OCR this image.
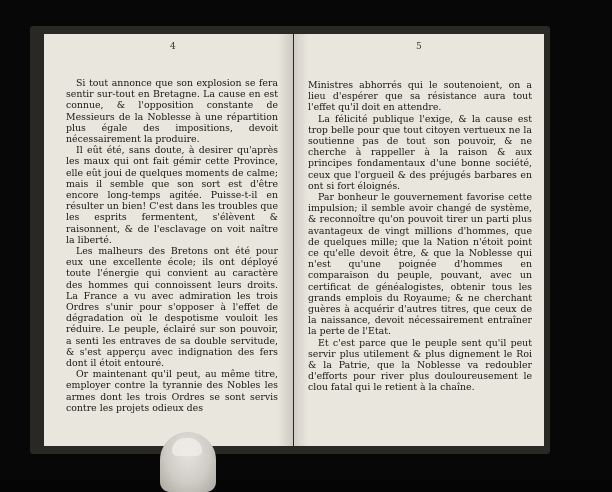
4

Si tout annonce que son explosion se fera sentir sur-tout en Bretagne. La cause en est connue, & l'opposition constante de Messieurs de la Noblesse à une répartition plus égale des impositions, devoit nécessairement la produire.

Il eût été, sans doute, à desirer qu'après les maux qui ont fait gémir cette Province, elle eût joui de quelques moments de calme; mais il semble que son sort est d'être encore long-temps agitée. Puisse-t-il en résulter un bien! C'est dans les troubles que les esprits fermentent, s'élèvent & raisonnent, & de l'esclavage on voit naître la liberté.

Les malheurs des Bretons ont été pour eux une excellente école; ils ont déployé toute l'énergie qui convient au caractère des hommes qui connoissent leurs droits. La France a vu avec admiration les trois Ordres s'unir pour s'opposer à l'effet de dégradation où le despotisme vouloit les réduire. Le peuple, éclairé sur son pouvoir, a senti les entraves de sa double servitude, & s'est apperçu avec indignation des fers dont il étoit entouré.

Or maintenant qu'il peut, au même titre, employer contre la tyrannie des Nobles les armes dont les trois Ordres se sont servis contre les projets odieux des

5

Ministres abhorrés qui le soutenoient, on a lieu d'espérer que sa résistance aura tout l'effet qu'il doit en attendre.

La félicité publique l'exige, & la cause est trop belle pour que tout citoyen vertueux ne la soutienne pas de tout son pouvoir, & ne cherche à rappeller à la raison & aux principes fondamentaux d'une bonne société, ceux que l'orgueil & des préjugés barbares en ont si fort éloignés.

Par bonheur le gouvernement favorise cette impulsion; il semble avoir changé de système, & reconnoître qu'on pouvoit tirer un parti plus avantageux de vingt millions d'hommes, que de quelques mille; que la Nation n'étoit point ce qu'elle devoit être, & que la Noblesse qui n'est qu'une poignée d'hommes en comparaison du peuple, pouvant, avec un certificat de généalogistes, obtenir tous les grands emplois du Royaume; & ne cherchant guères à acquérir d'autres titres, que ceux de la naissance, devoit nécessairement entraîner la perte de l'Etat.

Et c'est parce que le peuple sent qu'il peut servir plus utilement & plus dignement le Roi & la Patrie, que la Noblesse va redoubler d'efforts pour river plus douloureusement le clou fatal qui le retient à la chaîne.
